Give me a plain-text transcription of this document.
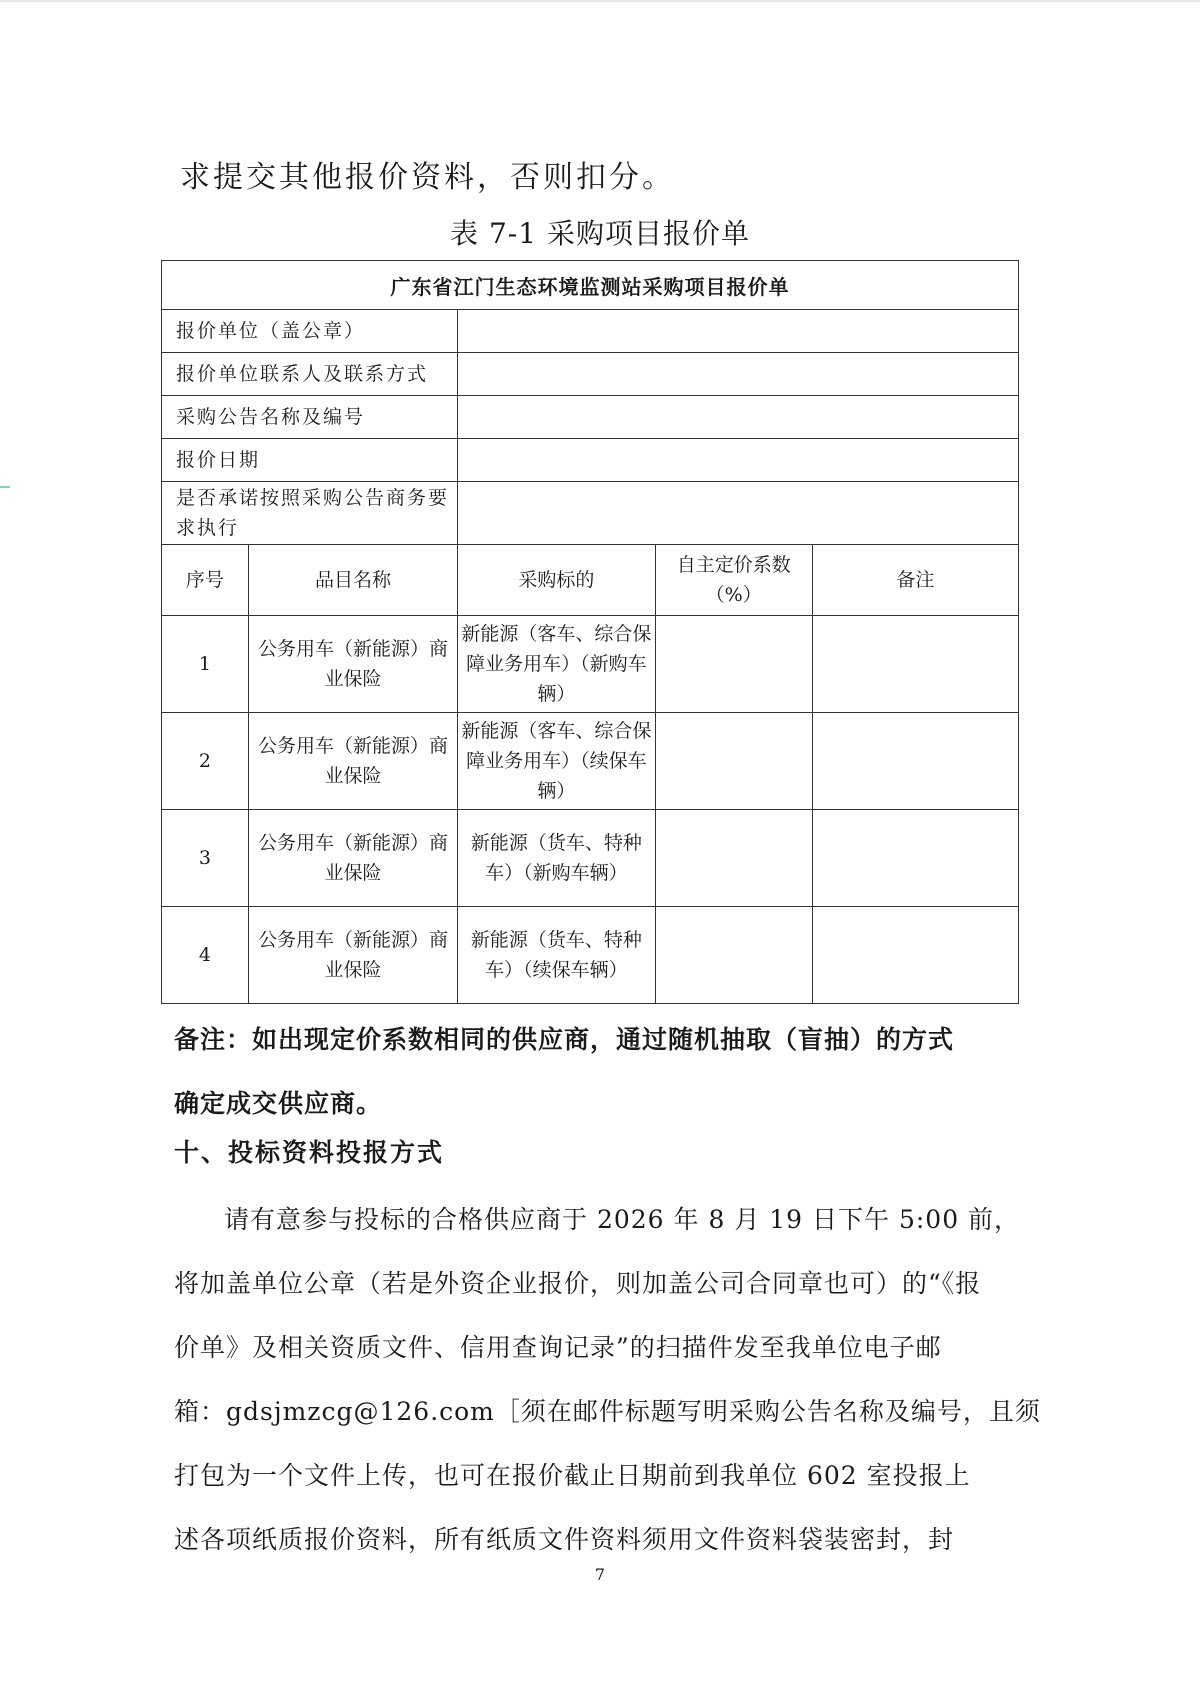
求提交其他报价资料，否则扣分。
表 7-1 采购项目报价单
广东省江门生态环境监测站采购项目报价单				
报价单位（盖公章）				
报价单位联系人及联系方式				
采购公告名称及编号				
报价日期				
是否承诺按照采购公告商务要求执行				
序号	品目名称	采购标的	自主定价系数（%）	备注
1	公务用车（新能源）商业保险	新能源（客车、综合保障业务用车）（新购车辆）		
2	公务用车（新能源）商业保险	新能源（客车、综合保障业务用车）（续保车辆）		
3	公务用车（新能源）商业保险	新能源（货车、特种车）（新购车辆）		
4	公务用车（新能源）商业保险	新能源（货车、特种车）（续保车辆）		

备注：如出现定价系数相同的供应商，通过随机抽取（盲抽）的方式

确定成交供应商。

十、投标资料投报方式

请有意参与投标的合格供应商于 2026 年 8 月 19 日下午 5:00 前，

将加盖单位公章（若是外资企业报价，则加盖公司合同章也可）的“《报

价单》及相关资质文件、信用查询记录”的扫描件发至我单位电子邮

箱：gdsjmzcg@126.com［须在邮件标题写明采购公告名称及编号，且须

打包为一个文件上传，也可在报价截止日期前到我单位 602 室投报上

述各项纸质报价资料，所有纸质文件资料须用文件资料袋装密封，封

7
